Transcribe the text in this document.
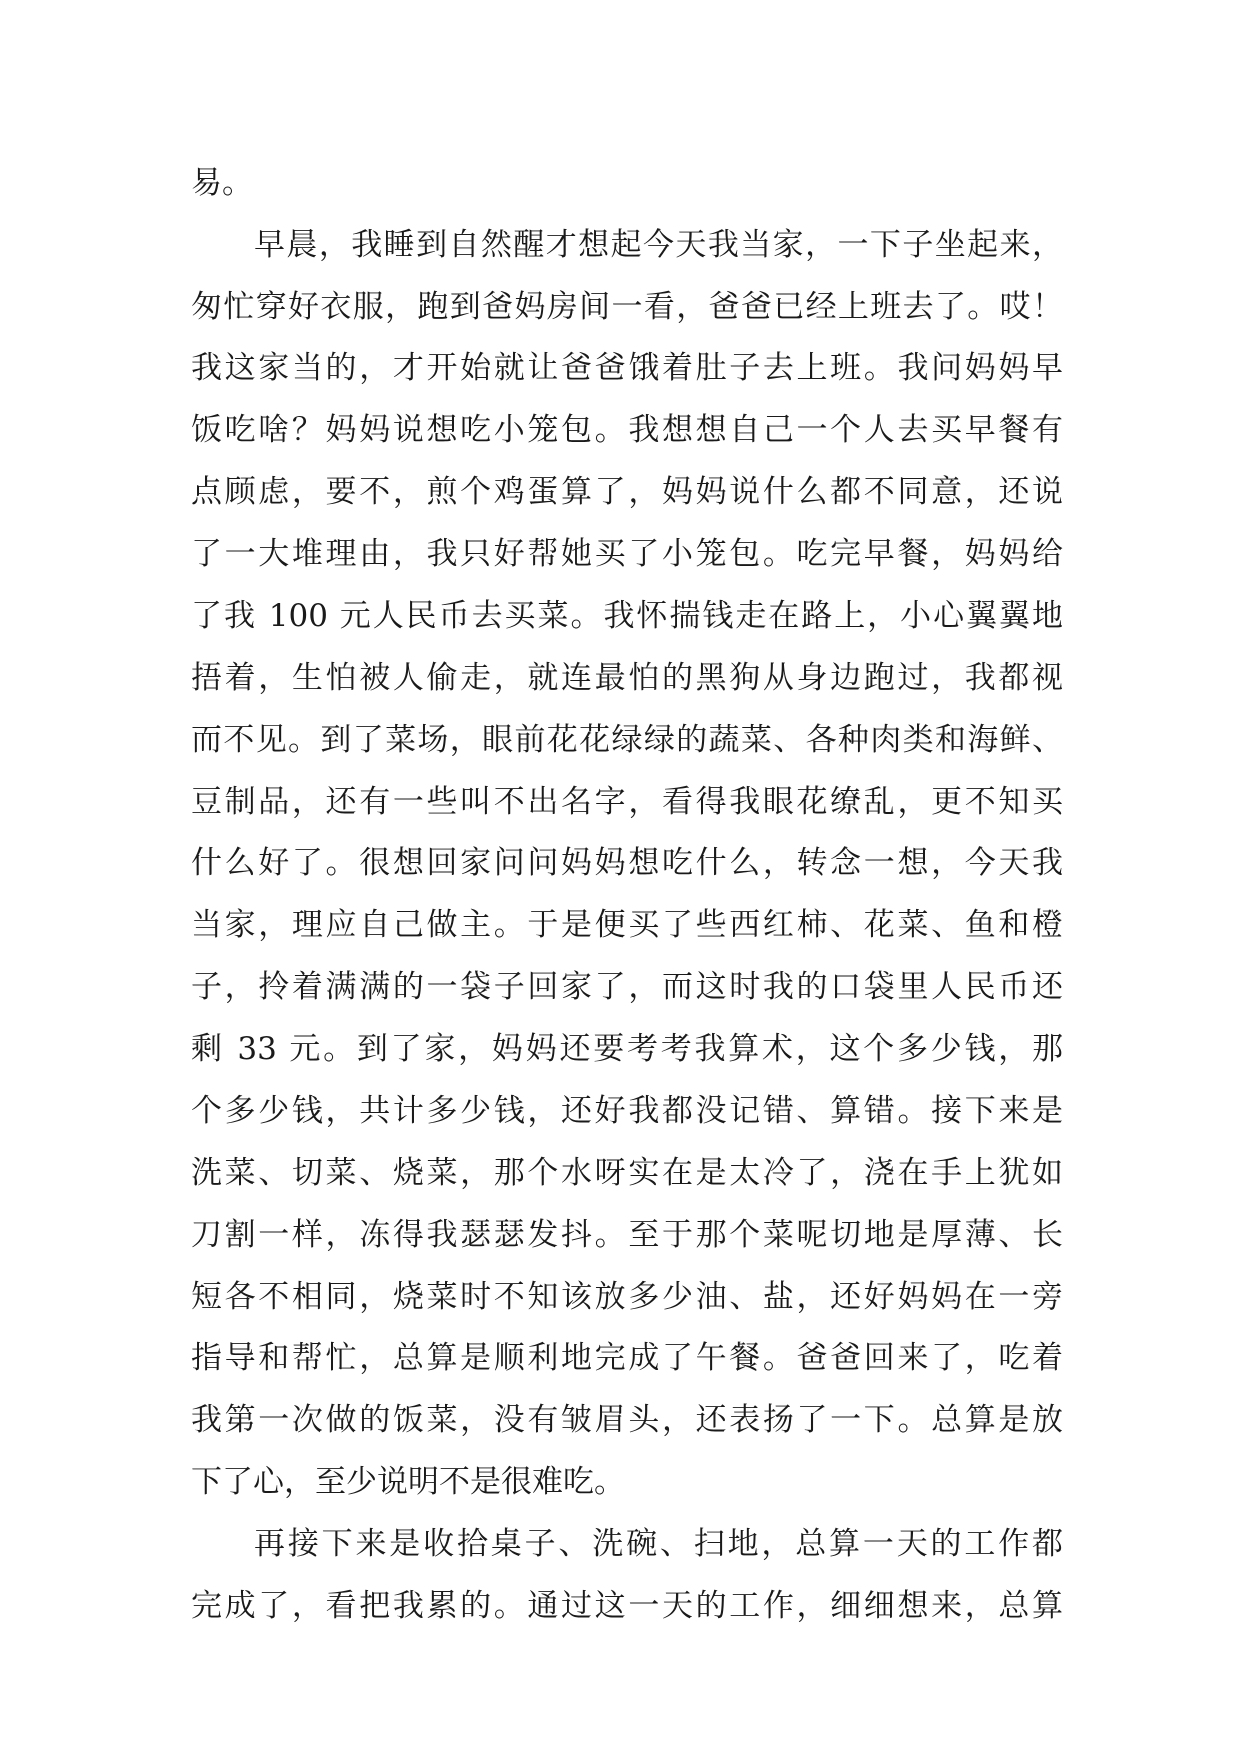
易。
早晨，我睡到自然醒才想起今天我当家，一下子坐起来，
匆忙穿好衣服，跑到爸妈房间一看，爸爸已经上班去了。哎！
我这家当的，才开始就让爸爸饿着肚子去上班。我问妈妈早
饭吃啥？妈妈说想吃小笼包。我想想自己一个人去买早餐有
点顾虑，要不，煎个鸡蛋算了，妈妈说什么都不同意，还说
了一大堆理由，我只好帮她买了小笼包。吃完早餐，妈妈给
了我 100 元人民币去买菜。我怀揣钱走在路上，小心翼翼地
捂着，生怕被人偷走，就连最怕的黑狗从身边跑过，我都视
而不见。到了菜场，眼前花花绿绿的蔬菜、各种肉类和海鲜、
豆制品，还有一些叫不出名字，看得我眼花缭乱，更不知买
什么好了。很想回家问问妈妈想吃什么，转念一想，今天我
当家，理应自己做主。于是便买了些西红柿、花菜、鱼和橙
子，拎着满满的一袋子回家了，而这时我的口袋里人民币还
剩 33 元。到了家，妈妈还要考考我算术，这个多少钱，那
个多少钱，共计多少钱，还好我都没记错、算错。接下来是
洗菜、切菜、烧菜，那个水呀实在是太冷了，浇在手上犹如
刀割一样，冻得我瑟瑟发抖。至于那个菜呢切地是厚薄、长
短各不相同，烧菜时不知该放多少油、盐，还好妈妈在一旁
指导和帮忙，总算是顺利地完成了午餐。爸爸回来了，吃着
我第一次做的饭菜，没有皱眉头，还表扬了一下。总算是放
下了心，至少说明不是很难吃。
再接下来是收拾桌子、洗碗、扫地，总算一天的工作都
完成了，看把我累的。通过这一天的工作，细细想来，总算
